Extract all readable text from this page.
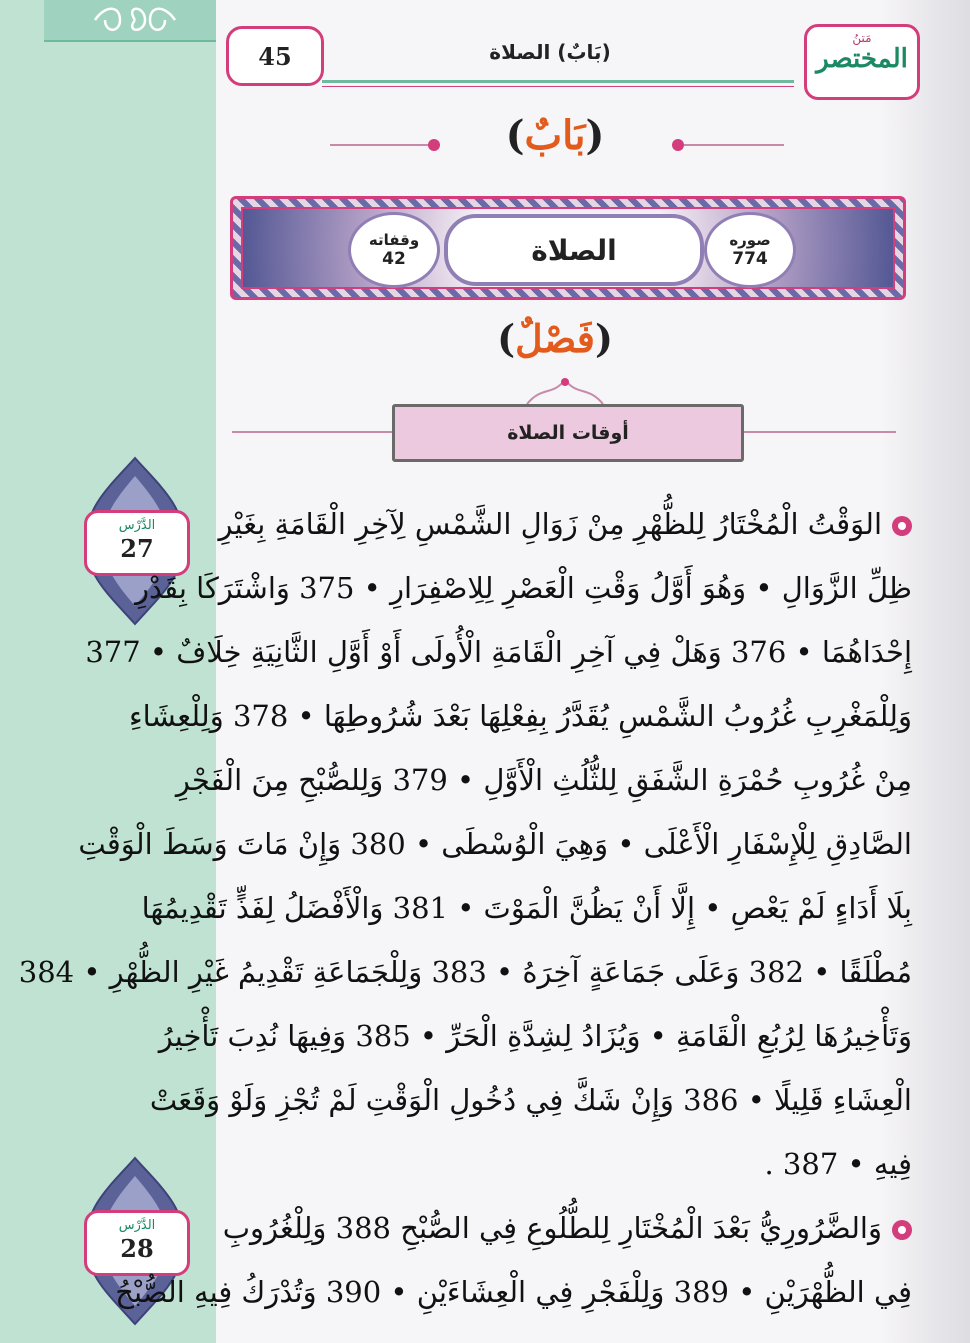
45	(بَابٌ) الصلاة
مَتنُ
المختصر
(بَابٌ)
صوره
774
الصلاة
وقفاته
42
(فَصْلٌ)
أوقات الصلاة
الدَّرْس
27
الدَّرْس
28
الوَقْتُ الْمُخْتَارُ لِلظُّهْرِ مِنْ زَوَالِ الشَّمْسِ لِآخِرِ الْقَامَةِ بِغَيْرِ
ظِلِّ الزَّوَالِ • وَهُوَ أَوَّلُ وَقْتِ الْعَصْرِ لِلِاصْفِرَارِ • 375 وَاشْتَرَكَا بِقَدْرِ
إِحْدَاهُمَا • 376 وَهَلْ فِي آخِرِ الْقَامَةِ الْأُولَى أَوْ أَوَّلِ الثَّانِيَةِ خِلَافٌ • 377
وَلِلْمَغْرِبِ غُرُوبُ الشَّمْسِ يُقَدَّرُ بِفِعْلِهَا بَعْدَ شُرُوطِهَا • 378 وَلِلْعِشَاءِ
مِنْ غُرُوبِ حُمْرَةِ الشَّفَقِ لِلثُّلُثِ الْأَوَّلِ • 379 وَلِلصُّبْحِ مِنَ الْفَجْرِ
الصَّادِقِ لِلْإِسْفَارِ الْأَعْلَى • وَهِيَ الْوُسْطَى • 380 وَإِنْ مَاتَ وَسَطَ الْوَقْتِ
بِلَا أَدَاءٍ لَمْ يَعْصِ • إِلَّا أَنْ يَظُنَّ الْمَوْتَ • 381 وَالْأَفْضَلُ لِفَذٍّ تَقْدِيمُهَا
مُطْلَقًا • 382 وَعَلَى جَمَاعَةٍ آخِرَهُ • 383 وَلِلْجَمَاعَةِ تَقْدِيمُ غَيْرِ الظُّهْرِ • 384
وَتَأْخِيرُهَا لِرُبُعِ الْقَامَةِ • وَيُزَادُ لِشِدَّةِ الْحَرِّ • 385 وَفِيهَا نُدِبَ تَأْخِيرُ
الْعِشَاءِ قَلِيلًا • 386 وَإِنْ شَكَّ فِي دُخُولِ الْوَقْتِ لَمْ تُجْزِ وَلَوْ وَقَعَتْ
فِيهِ • 387 .
وَالضَّرُورِيُّ بَعْدَ الْمُخْتَارِ لِلطُّلُوعِ فِي الصُّبْحِ 388 وَلِلْغُرُوبِ
فِي الظُّهْرَيْنِ • 389 وَلِلْفَجْرِ فِي الْعِشَاءَيْنِ • 390 وَتُدْرَكُ فِيهِ الصُّبْحُ
